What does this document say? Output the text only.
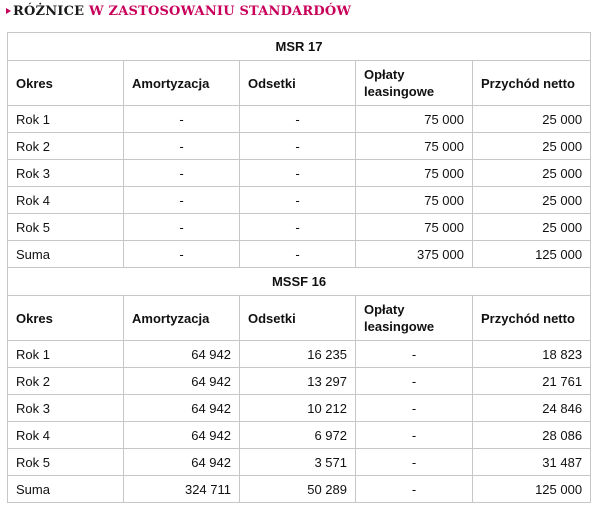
RÓŻNICE
W ZASTOSOWANIU STANDARDÓW
MSR 17				
Okres	Amortyzacja	Odsetki	Opłaty leasingowe	Przychód netto
Rok 1	-	-	75 000	25 000
Rok 2	-	-	75 000	25 000
Rok 3	-	-	75 000	25 000
Rok 4	-	-	75 000	25 000
Rok 5	-	-	75 000	25 000
Suma	-	-	375 000	125 000
MSSF 16				
Okres	Amortyzacja	Odsetki	Opłaty leasingowe	Przychód netto
Rok 1	64 942	16 235	-	18 823
Rok 2	64 942	13 297	-	21 761
Rok 3	64 942	10 212	-	24 846
Rok 4	64 942	6 972	-	28 086
Rok 5	64 942	3 571	-	31 487
Suma	324 711	50 289	-	125 000
